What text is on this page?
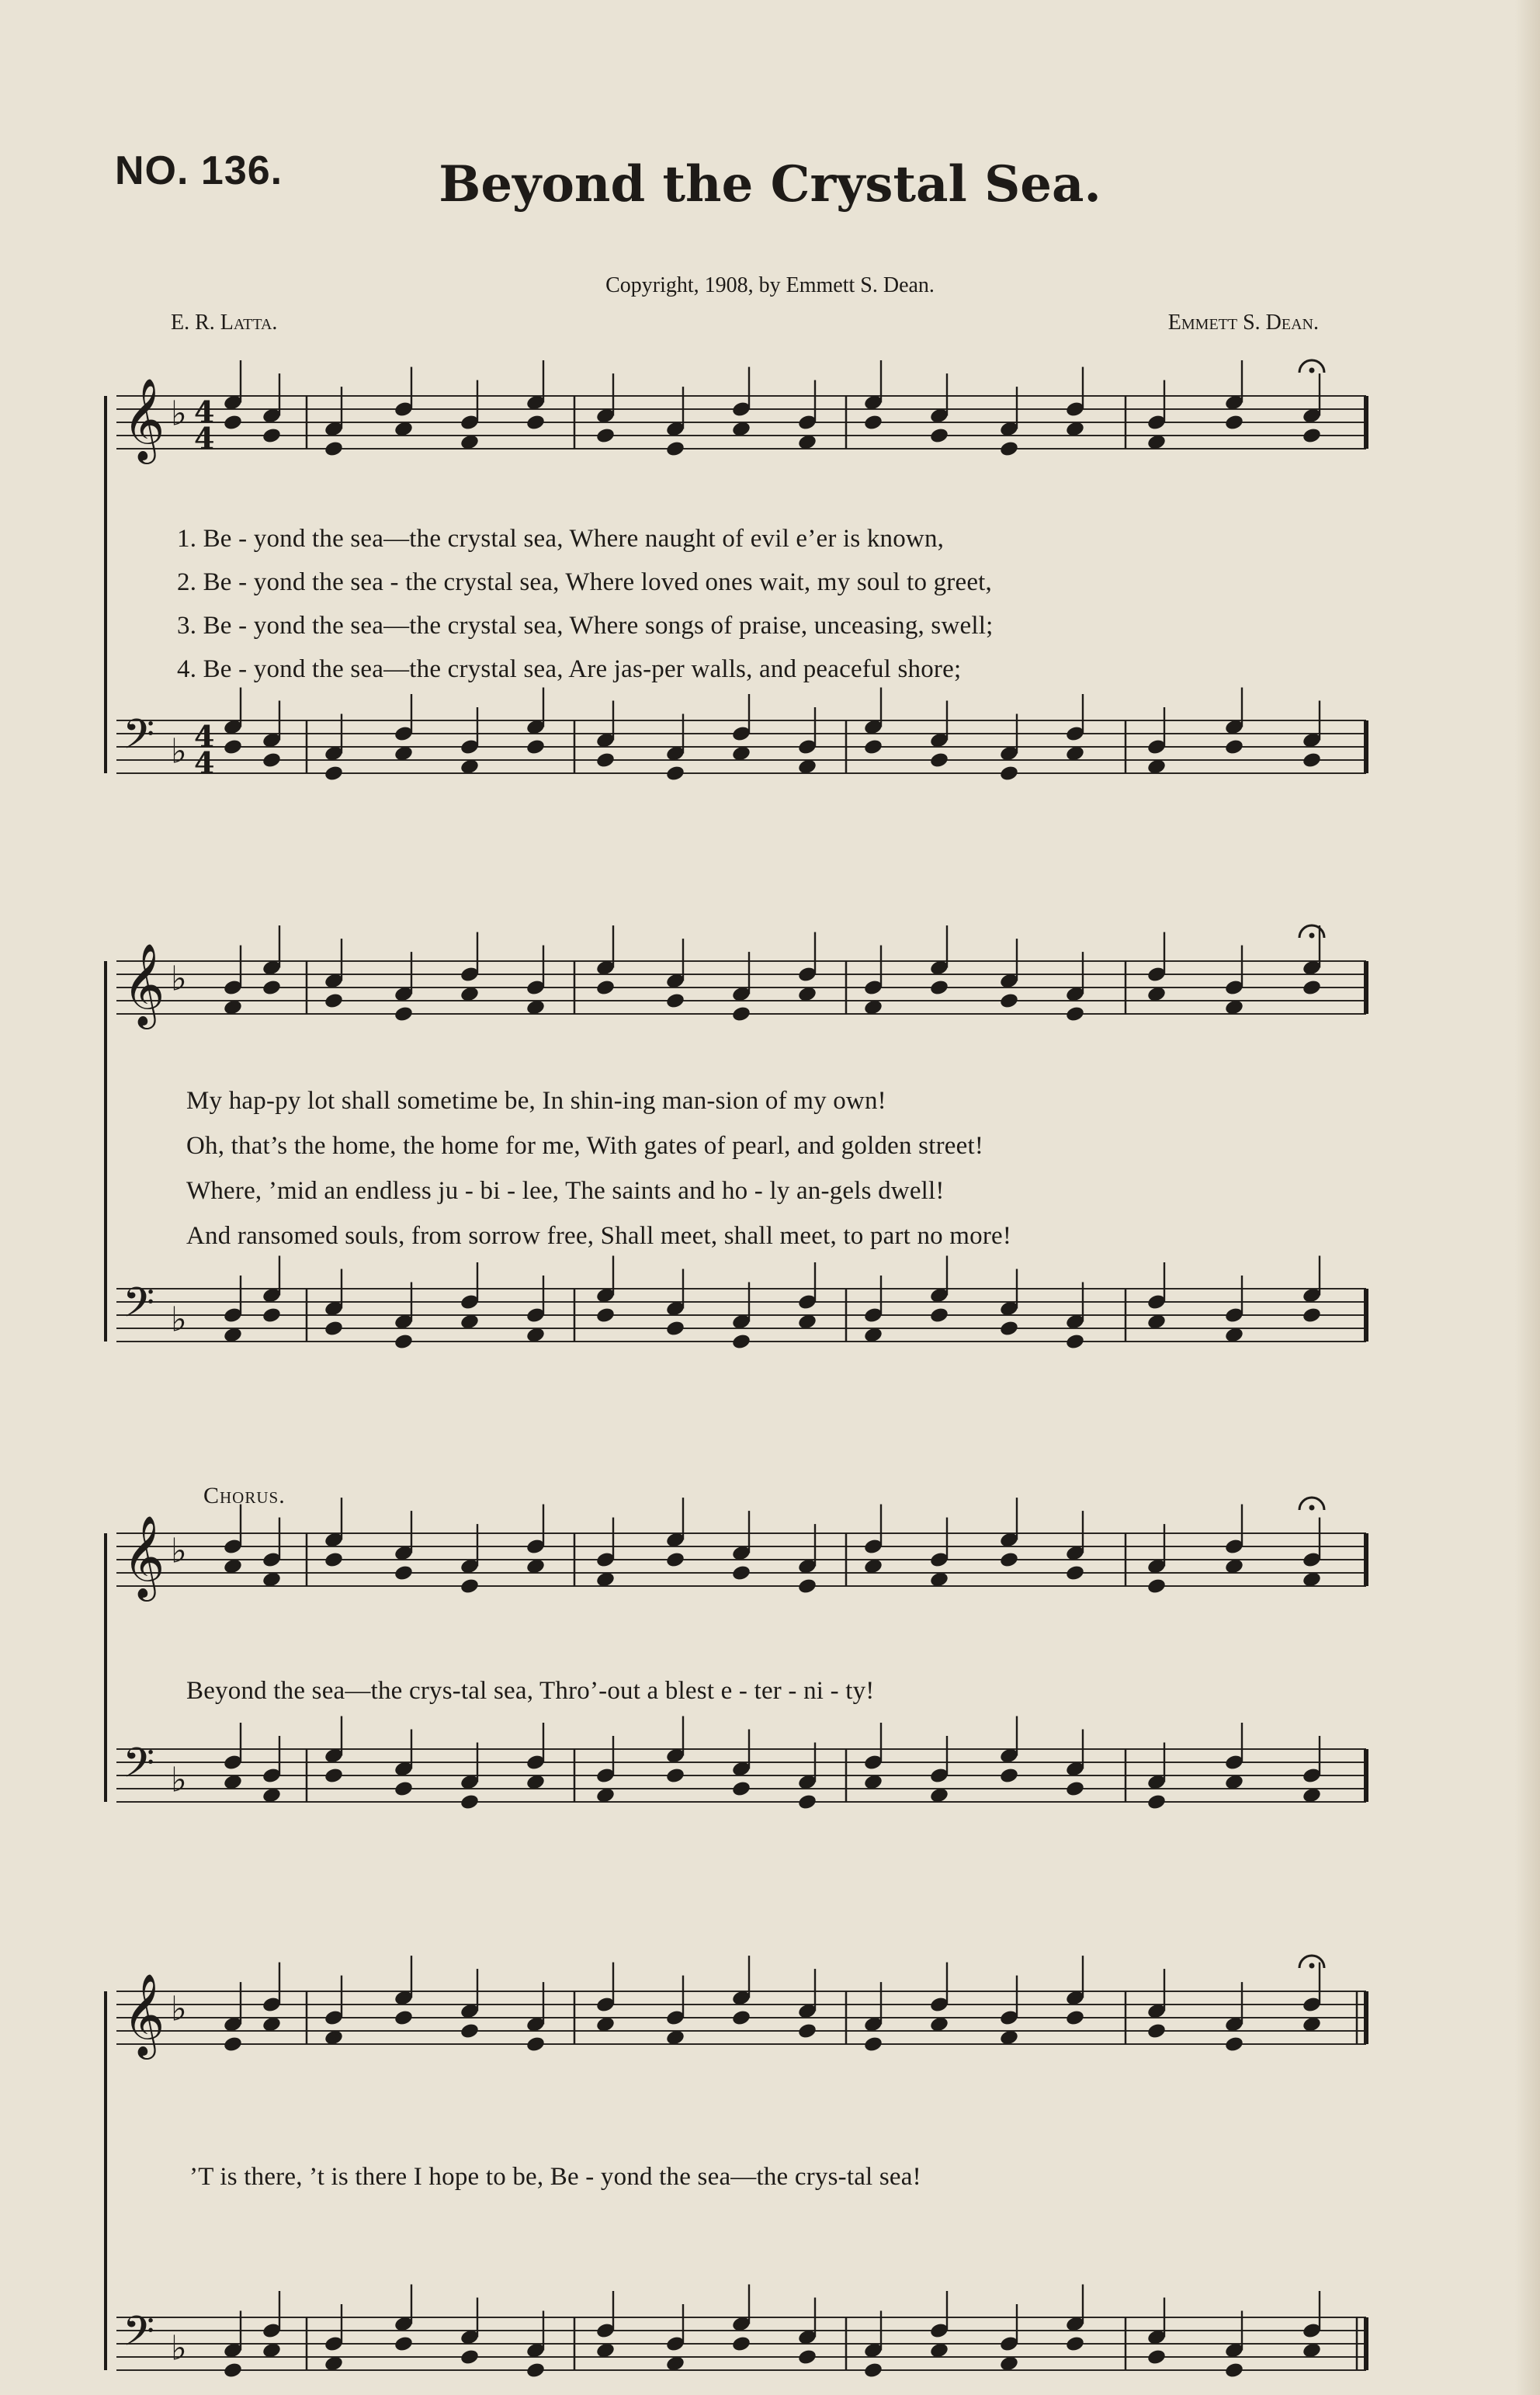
NO. 136.	Beyond the Crystal Sea.
Copyright, 1908, by Emmett S. Dean.
E. R. Latta.	Emmett S. Dean.
𝄞 ♭ 4
4
𝄢 ♭ 4
4
𝄞 ♭
𝄢 ♭
𝄞 ♭
𝄢 ♭
𝄞 ♭
𝄢 ♭
1. Be - yond the sea—the crystal sea, Where naught of evil e’er is known,
2. Be - yond the sea - the crystal sea, Where loved ones wait, my soul to greet,
3. Be - yond the sea—the crystal sea, Where songs of praise, unceasing, swell;
4. Be - yond the sea—the crystal sea, Are jas-per walls, and peaceful shore;
My hap-py lot shall sometime be, In shin-ing man-sion of my own!
Oh, that’s the home, the home for me, With gates of pearl, and golden street!
Where, ’mid an endless ju - bi - lee, The saints and ho - ly an-gels dwell!
And ransomed souls, from sorrow free, Shall meet, shall meet, to part no more!
Chorus.
Beyond the sea—the crys-tal sea, Thro’-out a blest e - ter - ni - ty!
’T is there, ’t is there I hope to be, Be - yond the sea—the crys-tal sea!
